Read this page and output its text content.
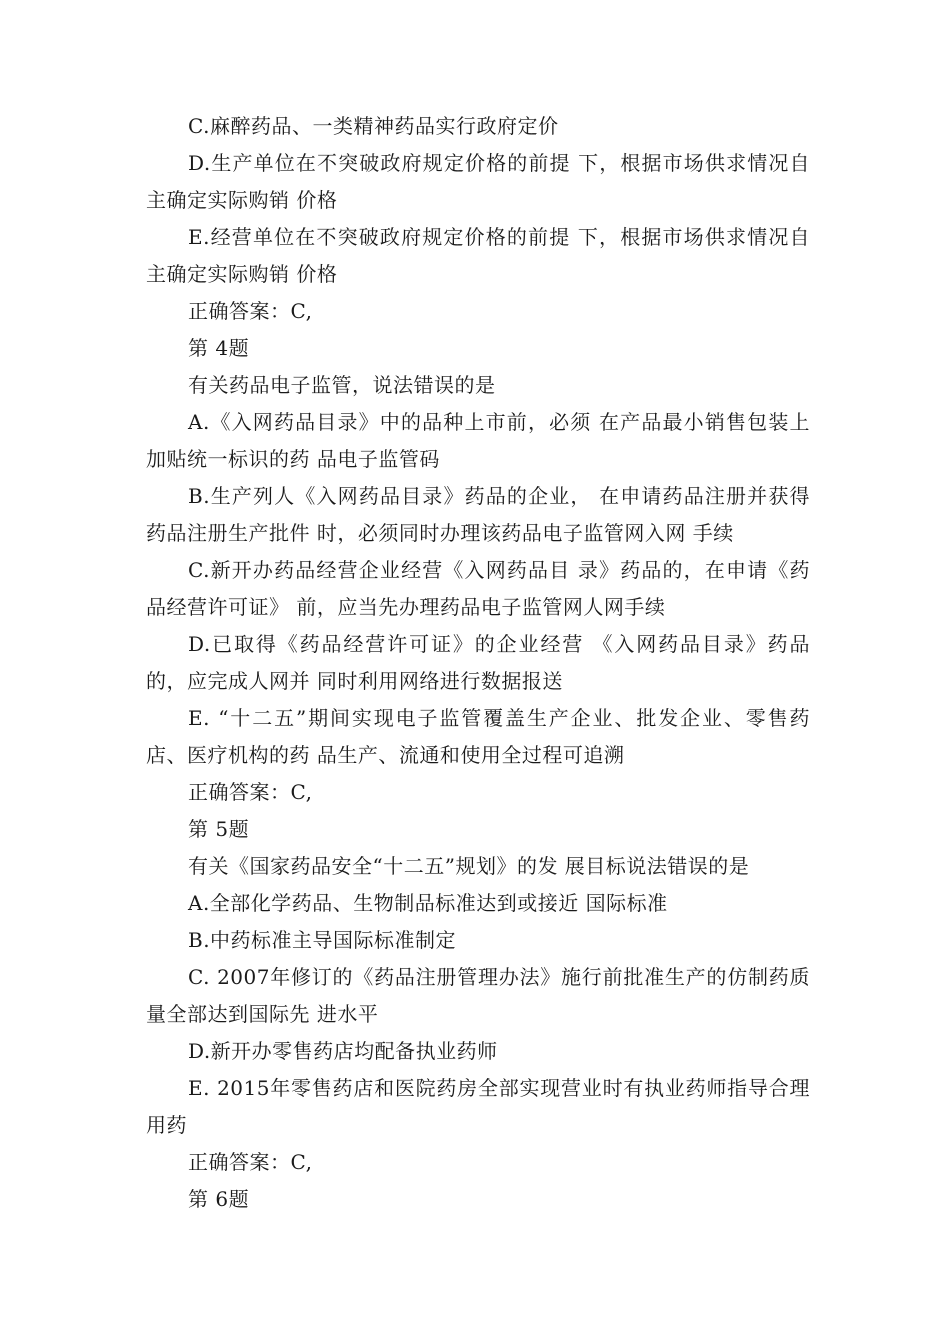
C.麻醉药品、一类精神药品实行政府定价

D.生产单位在不突破政府规定价格的前提 下，根据市场供求情况自主确定实际购销 价格

E.经营单位在不突破政府规定价格的前提 下，根据市场供求情况自主确定实际购销 价格

正确答案：C,

第 4题

有关药品电子监管，说法错误的是

A.《入网药品目录》中的品种上市前，必须 在产品最小销售包装上加贴统一标识的药 品电子监管码

B.生产列人《入网药品目录》药品的企业， 在申请药品注册并获得药品注册生产批件 时，必须同时办理该药品电子监管网入网 手续

C.新开办药品经营企业经营《入网药品目 录》药品的，在申请《药品经营许可证》 前，应当先办理药品电子监管网人网手续

D.已取得《药品经营许可证》的企业经营 《入网药品目录》药品的，应完成人网并 同时利用网络进行数据报送

E. “十二五”期间实现电子监管覆盖生产企业、批发企业、零售药店、医疗机构的药 品生产、流通和使用全过程可追溯

正确答案：C,

第 5题

有关《国家药品安全“十二五”规划》的发 展目标说法错误的是

A.全部化学药品、生物制品标准达到或接近 国际标准

B.中药标准主导国际标准制定

C. 2007年修订的《药品注册管理办法》施行前批准生产的仿制药质量全部达到国际先 进水平

D.新开办零售药店均配备执业药师

E. 2015年零售药店和医院药房全部实现营业时有执业药师指导合理用药

正确答案：C,

第 6题
